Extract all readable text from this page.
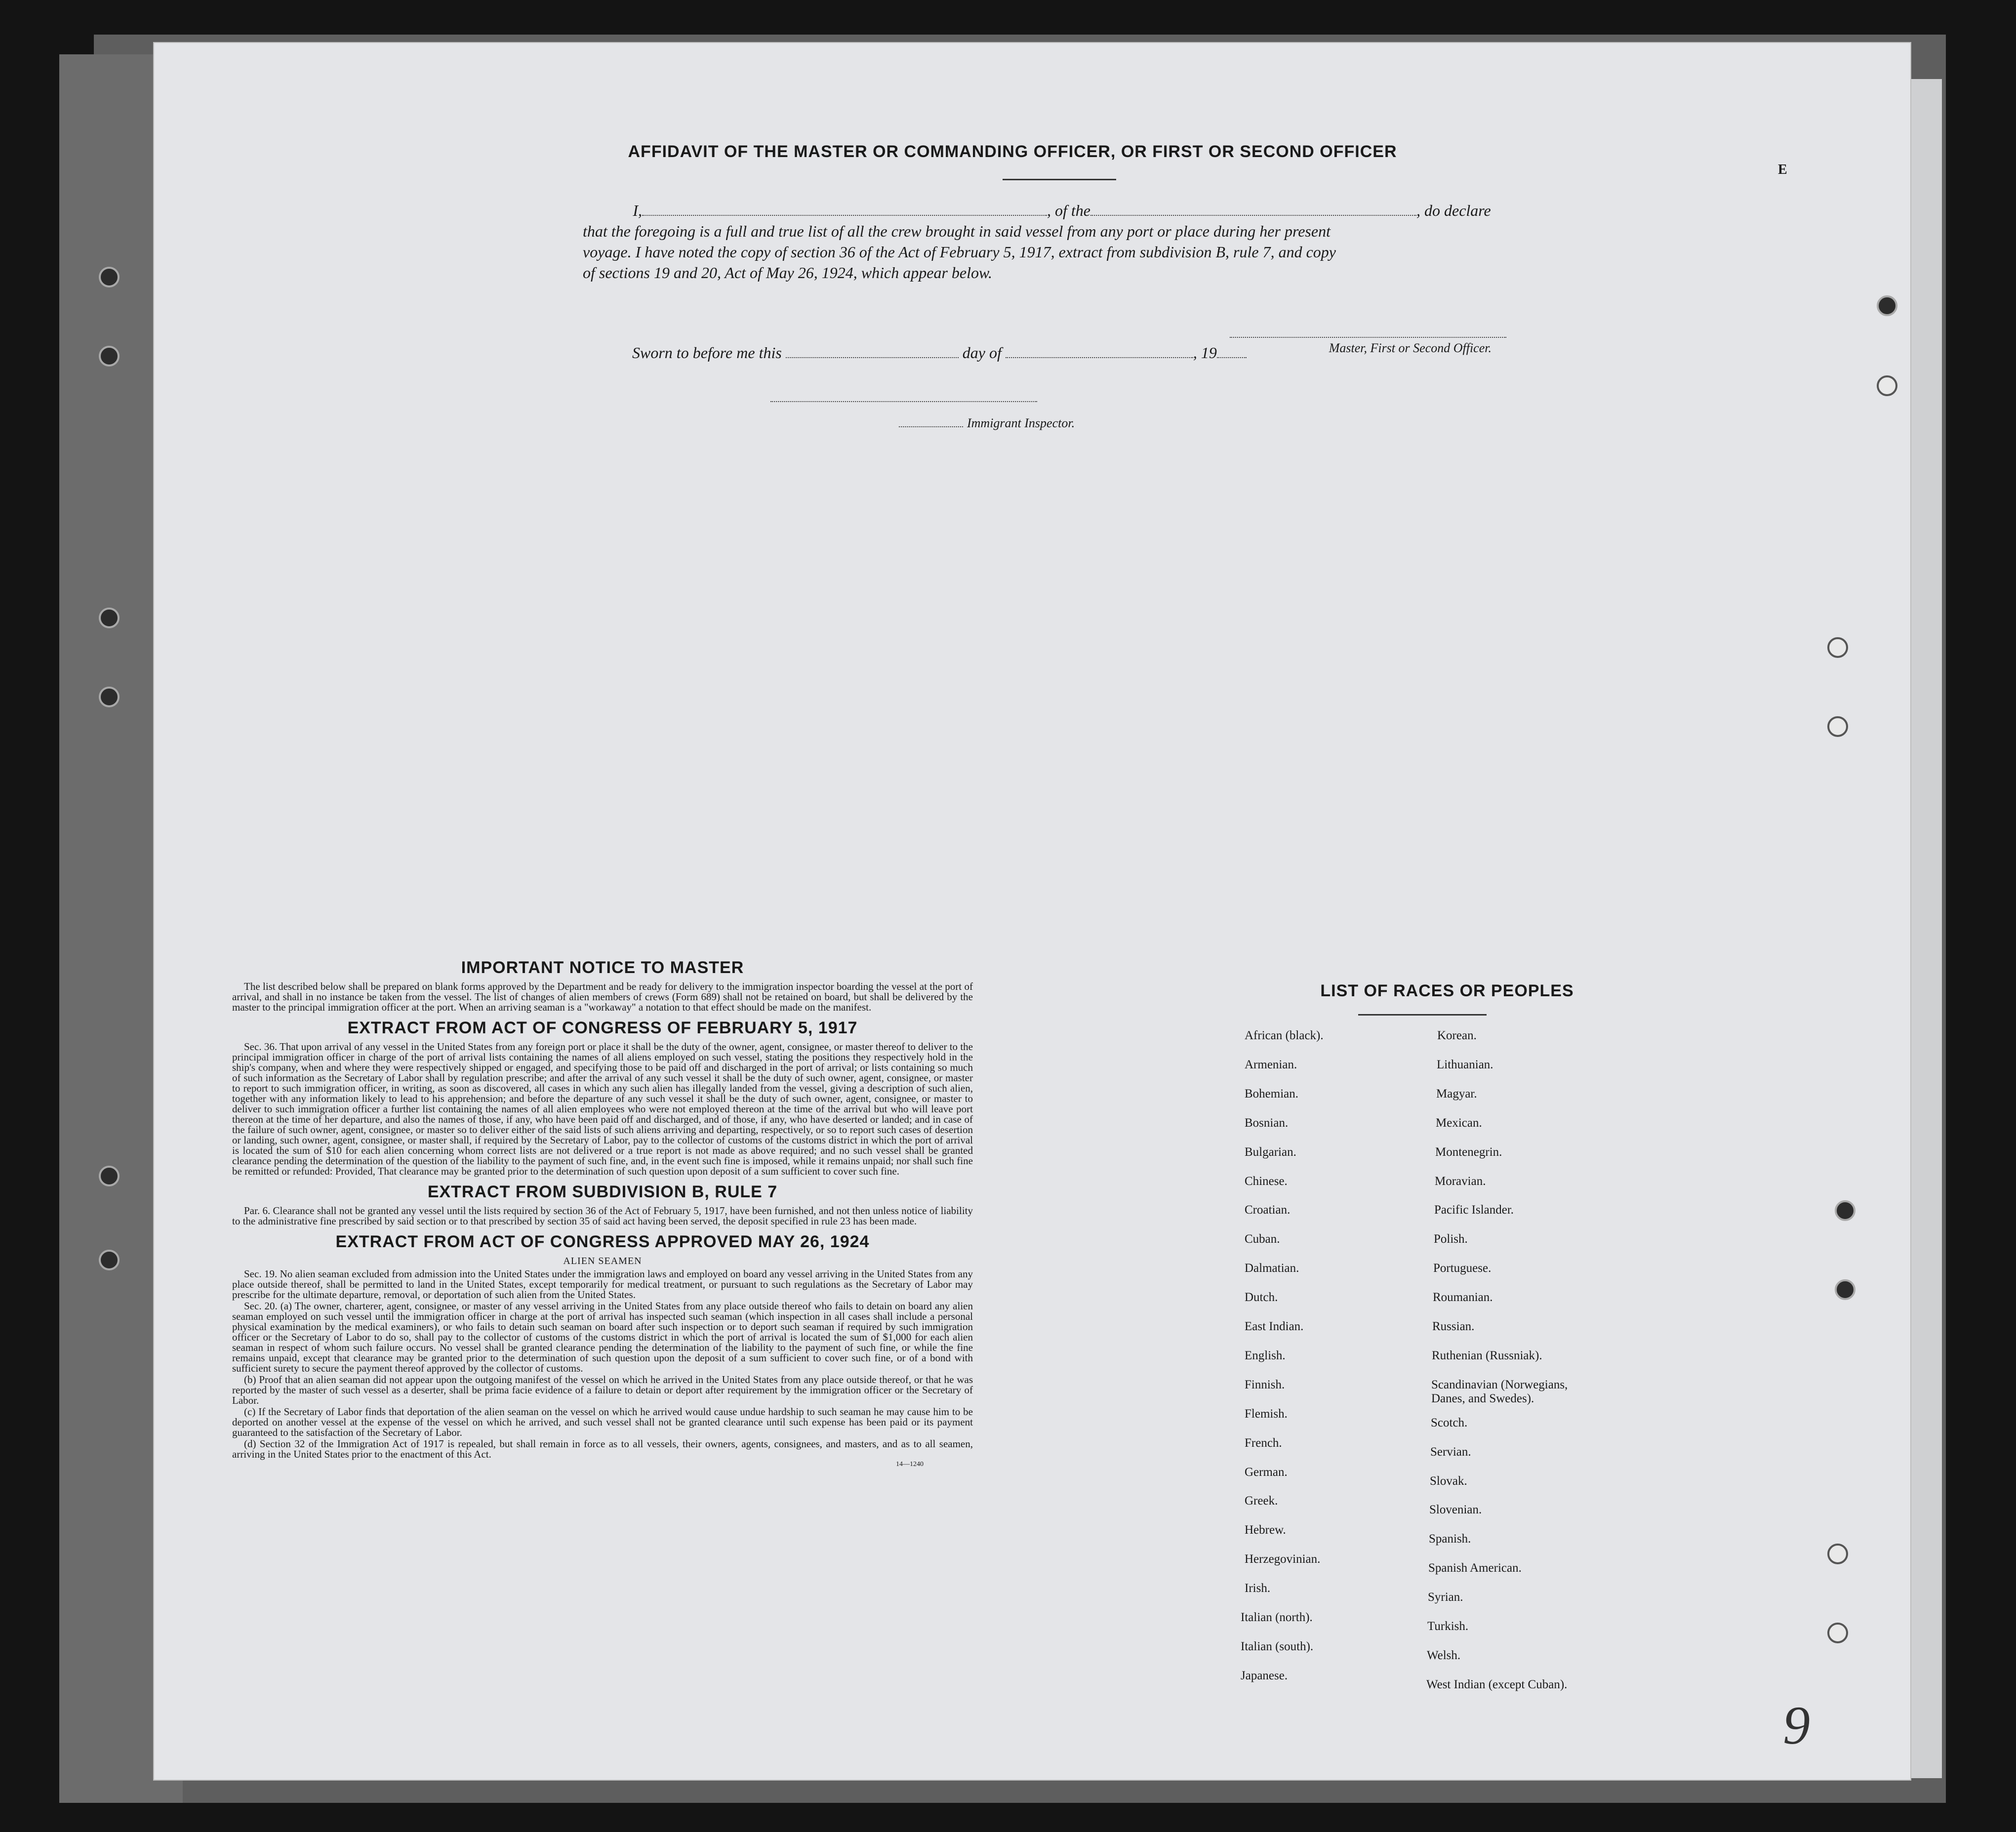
E
AFFIDAVIT OF THE MASTER OR COMMANDING OFFICER, OR FIRST OR SECOND OFFICER
I,	, of the	, do declare
that the foregoing is a full and true list of all the crew brought in said vessel from any port or place during her present
voyage. I have noted the copy of section 36 of the Act of February 5, 1917, extract from subdivision B, rule 7, and copy
of sections 19 and 20, Act of May 26, 1924, which appear below.
Master, First or Second Officer.
Sworn to before me this	day of	, 19
Immigrant Inspector.
IMPORTANT NOTICE TO MASTER

The list described below shall be prepared on blank forms approved by the Department and be ready for delivery to the immigration inspector boarding the vessel at the port of arrival, and shall in no instance be taken from the vessel. The list of changes of alien members of crews (Form 689) shall not be retained on board, but shall be delivered by the master to the principal immigration officer at the port. When an arriving seaman is a "workaway" a notation to that effect should be made on the manifest.

EXTRACT FROM ACT OF CONGRESS OF FEBRUARY 5, 1917

Sec. 36. That upon arrival of any vessel in the United States from any foreign port or place it shall be the duty of the owner, agent, consignee, or master thereof to deliver to the principal immigration officer in charge of the port of arrival lists containing the names of all aliens employed on such vessel, stating the positions they respectively hold in the ship's company, when and where they were respectively shipped or engaged, and specifying those to be paid off and discharged in the port of arrival; or lists containing so much of such information as the Secretary of Labor shall by regulation prescribe; and after the arrival of any such vessel it shall be the duty of such owner, agent, consignee, or master to report to such immigration officer, in writing, as soon as discovered, all cases in which any such alien has illegally landed from the vessel, giving a description of such alien, together with any information likely to lead to his apprehension; and before the departure of any such vessel it shall be the duty of such owner, agent, consignee, or master to deliver to such immigration officer a further list containing the names of all alien employees who were not employed thereon at the time of the arrival but who will leave port thereon at the time of her departure, and also the names of those, if any, who have been paid off and discharged, and of those, if any, who have deserted or landed; and in case of the failure of such owner, agent, consignee, or master so to deliver either of the said lists of such aliens arriving and departing, respectively, or so to report such cases of desertion or landing, such owner, agent, consignee, or master shall, if required by the Secretary of Labor, pay to the collector of customs of the customs district in which the port of arrival is located the sum of $10 for each alien concerning whom correct lists are not delivered or a true report is not made as above required; and no such vessel shall be granted clearance pending the determination of the question of the liability to the payment of such fine, and, in the event such fine is imposed, while it remains unpaid; nor shall such fine be remitted or refunded: Provided, That clearance may be granted prior to the determination of such question upon deposit of a sum sufficient to cover such fine.

EXTRACT FROM SUBDIVISION B, RULE 7

Par. 6. Clearance shall not be granted any vessel until the lists required by section 36 of the Act of February 5, 1917, have been furnished, and not then unless notice of liability to the administrative fine prescribed by said section or to that prescribed by section 35 of said act having been served, the deposit specified in rule 23 has been made.

EXTRACT FROM ACT OF CONGRESS APPROVED MAY 26, 1924
ALIEN SEAMEN

Sec. 19. No alien seaman excluded from admission into the United States under the immigration laws and employed on board any vessel arriving in the United States from any place outside thereof, shall be permitted to land in the United States, except temporarily for medical treatment, or pursuant to such regulations as the Secretary of Labor may prescribe for the ultimate departure, removal, or deportation of such alien from the United States.

Sec. 20. (a) The owner, charterer, agent, consignee, or master of any vessel arriving in the United States from any place outside thereof who fails to detain on board any alien seaman employed on such vessel until the immigration officer in charge at the port of arrival has inspected such seaman (which inspection in all cases shall include a personal physical examination by the medical examiners), or who fails to detain such seaman on board after such inspection or to deport such seaman if required by such immigration officer or the Secretary of Labor to do so, shall pay to the collector of customs of the customs district in which the port of arrival is located the sum of $1,000 for each alien seaman in respect of whom such failure occurs. No vessel shall be granted clearance pending the determination of the liability to the payment of such fine, or while the fine remains unpaid, except that clearance may be granted prior to the determination of such question upon the deposit of a sum sufficient to cover such fine, or of a bond with sufficient surety to secure the payment thereof approved by the collector of customs.

(b) Proof that an alien seaman did not appear upon the outgoing manifest of the vessel on which he arrived in the United States from any place outside thereof, or that he was reported by the master of such vessel as a deserter, shall be prima facie evidence of a failure to detain or deport after requirement by the immigration officer or the Secretary of Labor.

(c) If the Secretary of Labor finds that deportation of the alien seaman on the vessel on which he arrived would cause undue hardship to such seaman he may cause him to be deported on another vessel at the expense of the vessel on which he arrived, and such vessel shall not be granted clearance until such expense has been paid or its payment guaranteed to the satisfaction of the Secretary of Labor.

(d) Section 32 of the Immigration Act of 1917 is repealed, but shall remain in force as to all vessels, their owners, agents, consignees, and masters, and as to all seamen, arriving in the United States prior to the enactment of this Act.

14—1240
LIST OF RACES OR PEOPLES
African (black).
Armenian.
Bohemian.
Bosnian.
Bulgarian.
Chinese.
Croatian.
Cuban.
Dalmatian.
Dutch.
East Indian.
English.
Finnish.
Flemish.
French.
German.
Greek.
Hebrew.
Herzegovinian.
Irish.
Italian (north).
Italian (south).
Japanese.
Korean.
Lithuanian.
Magyar.
Mexican.
Montenegrin.
Moravian.
Pacific Islander.
Polish.
Portuguese.
Roumanian.
Russian.
Ruthenian (Russniak).
Scandinavian (Norwegians,
Danes, and Swedes).
Scotch.
Servian.
Slovak.
Slovenian.
Spanish.
Spanish American.
Syrian.
Turkish.
Welsh.
West Indian (except Cuban).
9
